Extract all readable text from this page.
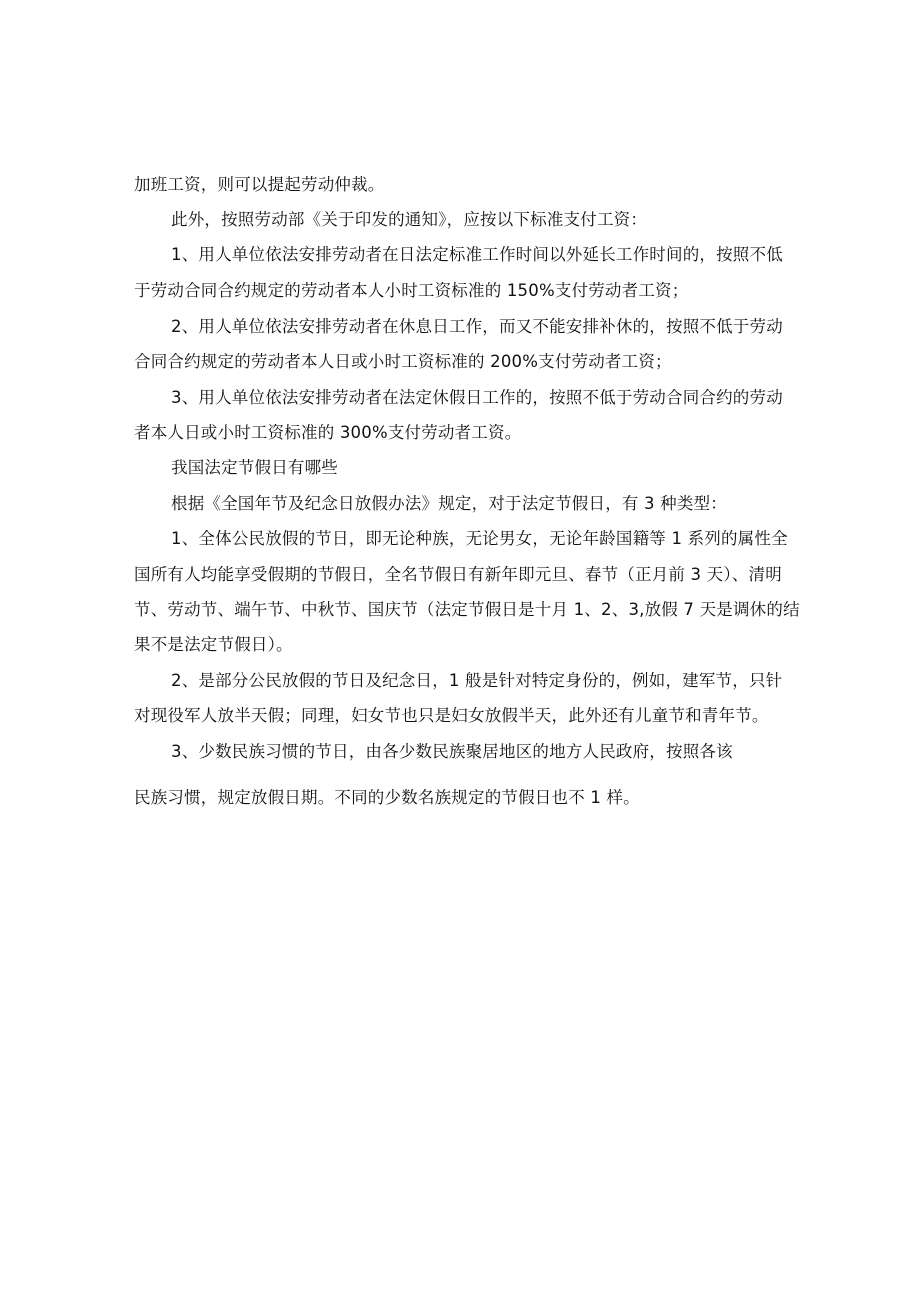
加班工资，则可以提起劳动仲裁。
此外，按照劳动部《关于印发的通知》，应按以下标准支付工资：
1、用人单位依法安排劳动者在日法定标准工作时间以外延长工作时间的，按照不低
于劳动合同合约规定的劳动者本人小时工资标准的 150%支付劳动者工资；
2、用人单位依法安排劳动者在休息日工作，而又不能安排补休的，按照不低于劳动
合同合约规定的劳动者本人日或小时工资标准的 200%支付劳动者工资；
3、用人单位依法安排劳动者在法定休假日工作的，按照不低于劳动合同合约的劳动
者本人日或小时工资标准的 300%支付劳动者工资。
我国法定节假日有哪些
根据《全国年节及纪念日放假办法》规定，对于法定节假日，有 3 种类型：
1、全体公民放假的节日，即无论种族，无论男女，无论年龄国籍等 1 系列的属性全
国所有人均能享受假期的节假日，全名节假日有新年即元旦、春节（正月前 3 天）、清明
节、劳动节、端午节、中秋节、国庆节（法定节假日是十月 1、2、3,放假 7 天是调休的结
果不是法定节假日）。
2、是部分公民放假的节日及纪念日，1 般是针对特定身份的，例如，建军节，只针
对现役军人放半天假；同理，妇女节也只是妇女放假半天，此外还有儿童节和青年节。
3、少数民族习惯的节日，由各少数民族聚居地区的地方人民政府，按照各该
民族习惯，规定放假日期。不同的少数名族规定的节假日也不 1 样。
